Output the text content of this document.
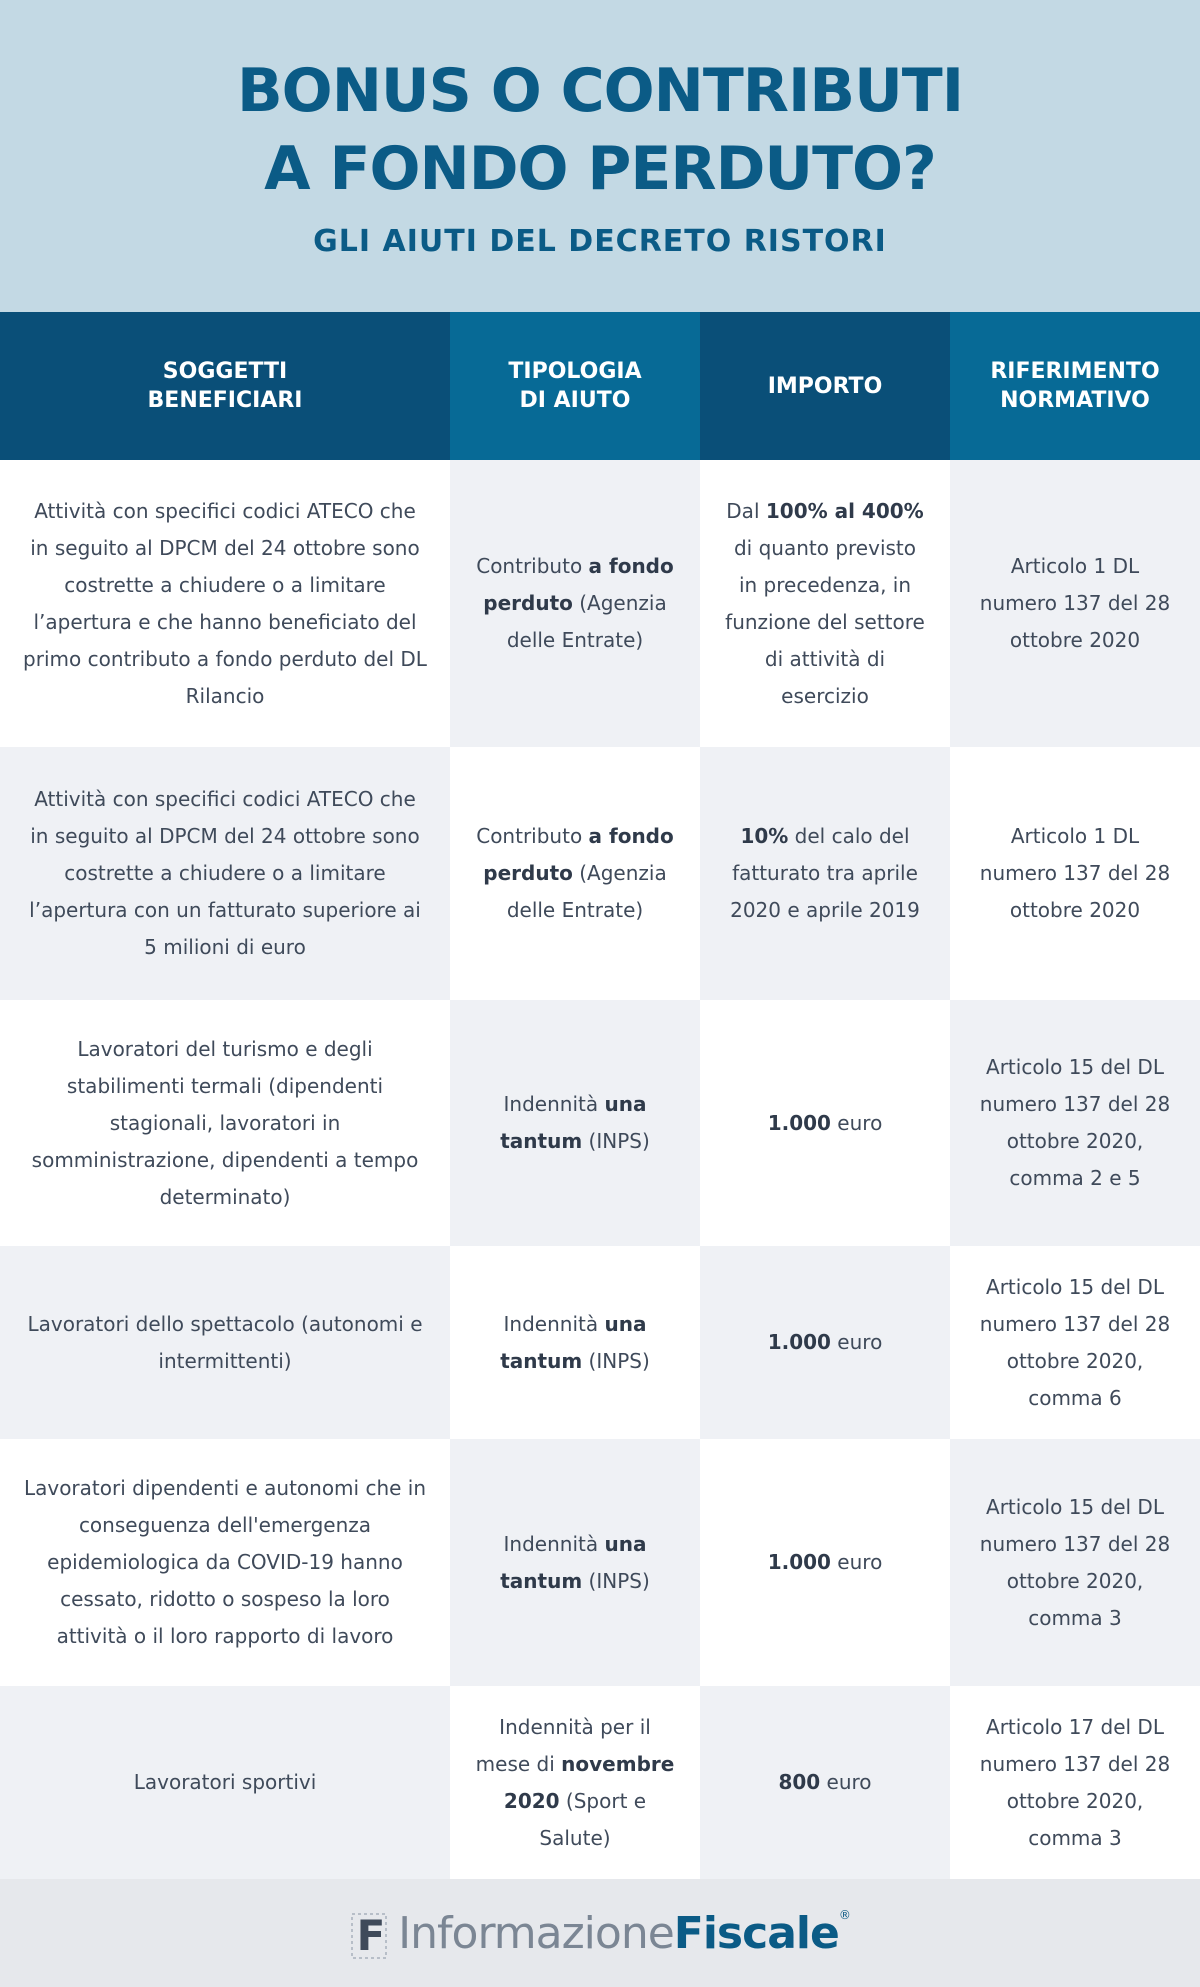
BONUS O CONTRIBUTI
A FONDO PERDUTO?
GLI AIUTI DEL DECRETO RISTORI
SOGGETTI
BENEFICIARI
TIPOLOGIA
DI AIUTO
IMPORTO
RIFERIMENTO
NORMATIVO
Attività con specifici codici ATECO che in seguito al DPCM del 24 ottobre sono costrette a chiudere o a limitare l’apertura e che hanno beneficiato del primo contributo a fondo perduto del DL Rilancio
Contributo a fondo perduto (Agenzia delle Entrate)
Dal 100% al 400% di quanto previsto in precedenza, in funzione del settore di attività di esercizio
Articolo 1 DL numero 137 del 28 ottobre 2020
Attività con specifici codici ATECO che in seguito al DPCM del 24 ottobre sono costrette a chiudere o a limitare l’apertura con un fatturato superiore ai 5 milioni di euro
Contributo a fondo perduto (Agenzia delle Entrate)
10% del calo del fatturato tra aprile 2020 e aprile 2019
Articolo 1 DL numero 137 del 28 ottobre 2020
Lavoratori del turismo e degli stabilimenti termali (dipendenti stagionali, lavoratori in somministrazione, dipendenti a tempo determinato)
Indennità una tantum (INPS)
1.000 euro
Articolo 15 del DL numero 137 del 28 ottobre 2020, comma 2 e 5
Lavoratori dello spettacolo (autonomi e intermittenti)
Indennità una tantum (INPS)
1.000 euro
Articolo 15 del DL numero 137 del 28 ottobre 2020, comma 6
Lavoratori dipendenti e autonomi che in conseguenza dell'emergenza epidemiologica da COVID-19 hanno cessato, ridotto o sospeso la loro attività o il loro rapporto di lavoro
Indennità una tantum (INPS)
1.000 euro
Articolo 15 del DL numero 137 del 28 ottobre 2020, comma 3
Lavoratori sportivi
Indennità per il mese di novembre 2020 (Sport e Salute)
800 euro
Articolo 17 del DL numero 137 del 28 ottobre 2020, comma 3
F InformazioneFiscale®
